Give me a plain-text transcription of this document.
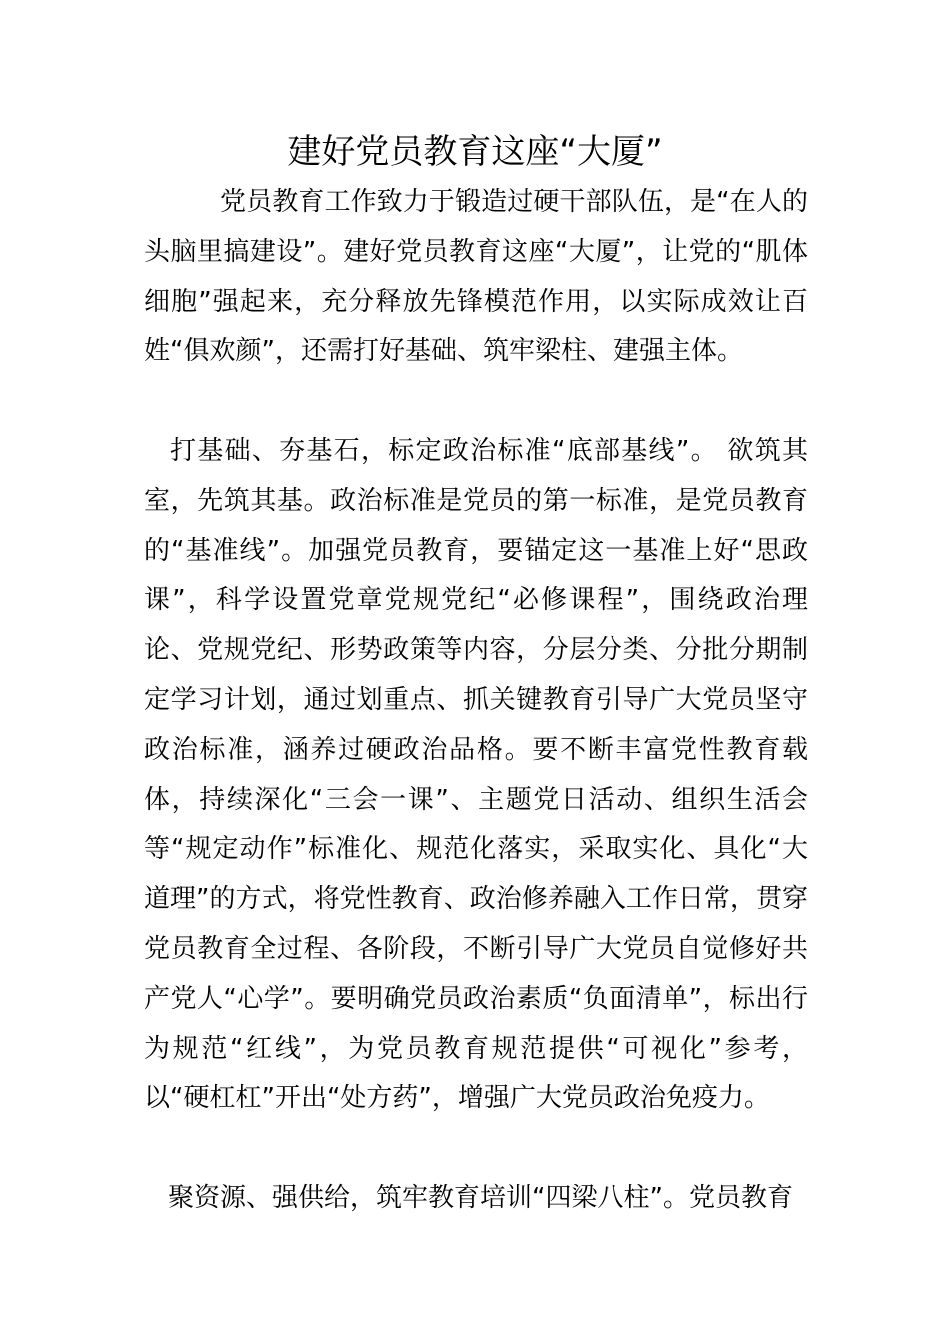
建好党员教育这座“大厦”

党员教育工作致力于锻造过硬干部队伍，是“在人的头脑里搞建设”。建好党员教育这座“大厦”，让党的“肌体细胞”强起来，充分释放先锋模范作用，以实际成效让百姓“俱欢颜”，还需打好基础、筑牢梁柱、建强主体。

打基础、夯基石，标定政治标准“底部基线”。 欲筑其室，先筑其基。政治标准是党员的第一标准，是党员教育的“基准线”。加强党员教育，要锚定这一基准上好“思政课”，科学设置党章党规党纪“必修课程”，围绕政治理论、党规党纪、形势政策等内容，分层分类、分批分期制定学习计划，通过划重点、抓关键教育引导广大党员坚守政治标准，涵养过硬政治品格。要不断丰富党性教育载体，持续深化“三会一课”、主题党日活动、组织生活会等“规定动作”标准化、规范化落实，采取实化、具化“大道理”的方式，将党性教育、政治修养融入工作日常，贯穿党员教育全过程、各阶段，不断引导广大党员自觉修好共产党人“心学”。要明确党员政治素质“负面清单”，标出行为规范“红线”，为党员教育规范提供“可视化”参考，以“硬杠杠”开出“处方药”，增强广大党员政治免疫力。

聚资源、强供给，筑牢教育培训“四梁八柱”。党员教育
